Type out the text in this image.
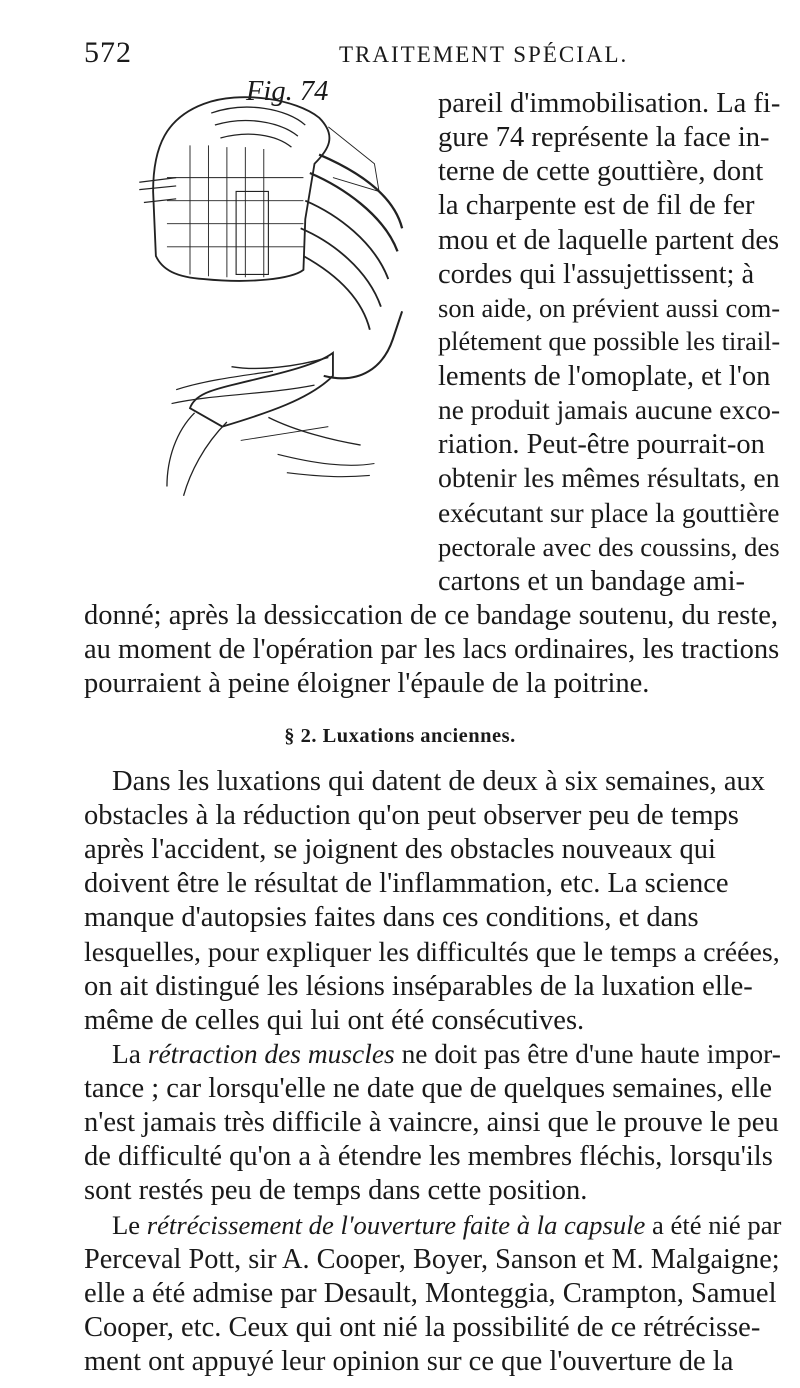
572	TRAITEMENT SPÉCIAL.
Fig. 74	pareil d'immobilisation. La fi-
gure 74 représente la face in-
terne de cette gouttière, dont
la charpente est de fil de fer
mou et de laquelle partent des
cordes qui l'assujettissent; à
son aide, on prévient aussi com-
plétement que possible les tirail-
lements de l'omoplate, et l'on
ne produit jamais aucune exco-
riation. Peut-être pourrait-on
obtenir les mêmes résultats, en
exécutant sur place la gouttière
pectorale avec des coussins, des
cartons et un bandage ami-
donné; après la dessiccation de ce bandage soutenu, du reste,
au moment de l'opération par les lacs ordinaires, les tractions
pourraient à peine éloigner l'épaule de la poitrine.
§ 2. Luxations anciennes.
Dans les luxations qui datent de deux à six semaines, aux
obstacles à la réduction qu'on peut observer peu de temps
après l'accident, se joignent des obstacles nouveaux qui
doivent être le résultat de l'inflammation, etc. La science
manque d'autopsies faites dans ces conditions, et dans
lesquelles, pour expliquer les difficultés que le temps a créées,
on ait distingué les lésions inséparables de la luxation elle-
même de celles qui lui ont été consécutives.
La rétraction des muscles ne doit pas être d'une haute impor-
tance ; car lorsqu'elle ne date que de quelques semaines, elle
n'est jamais très difficile à vaincre, ainsi que le prouve le peu
de difficulté qu'on a à étendre les membres fléchis, lorsqu'ils
sont restés peu de temps dans cette position.
Le rétrécissement de l'ouverture faite à la capsule a été nié par
Perceval Pott, sir A. Cooper, Boyer, Sanson et M. Malgaigne;
elle a été admise par Desault, Monteggia, Crampton, Samuel
Cooper, etc. Ceux qui ont nié la possibilité de ce rétrécisse-
ment ont appuyé leur opinion sur ce que l'ouverture de la
